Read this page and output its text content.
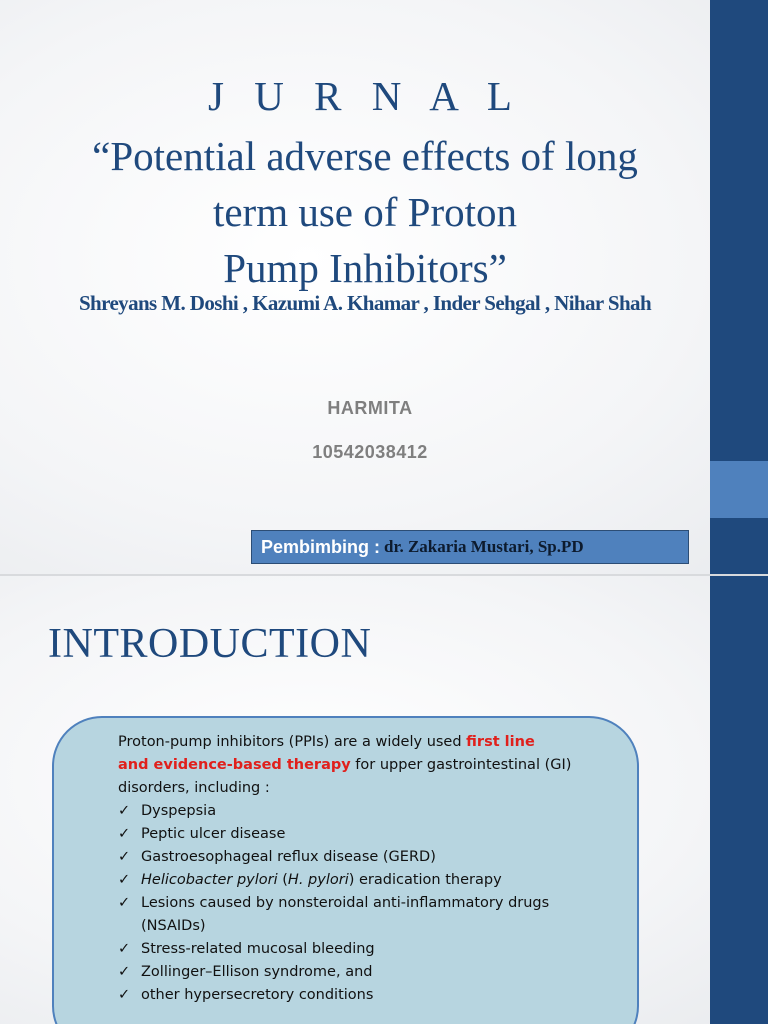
J U R N A L
“Potential adverse effects of long
term use of Proton
Pump Inhibitors”
Shreyans M. Doshi , Kazumi A. Khamar , Inder Sehgal , Nihar Shah
HARMITA
10542038412
Pembimbing : dr. Zakaria Mustari, Sp.PD
INTRODUCTION
Proton-pump inhibitors (PPIs) are a widely used first line
and evidence-based therapy for upper gastrointestinal (GI) disorders, including :
✓ Dyspepsia
✓ Peptic ulcer disease
✓ Gastroesophageal reflux disease (GERD)
✓ Helicobacter pylori (H. pylori) eradication therapy
✓ Lesions caused by nonsteroidal anti-inflammatory drugs
(NSAIDs)
✓ Stress-related mucosal bleeding
✓ Zollinger–Ellison syndrome, and
✓ other hypersecretory conditions
